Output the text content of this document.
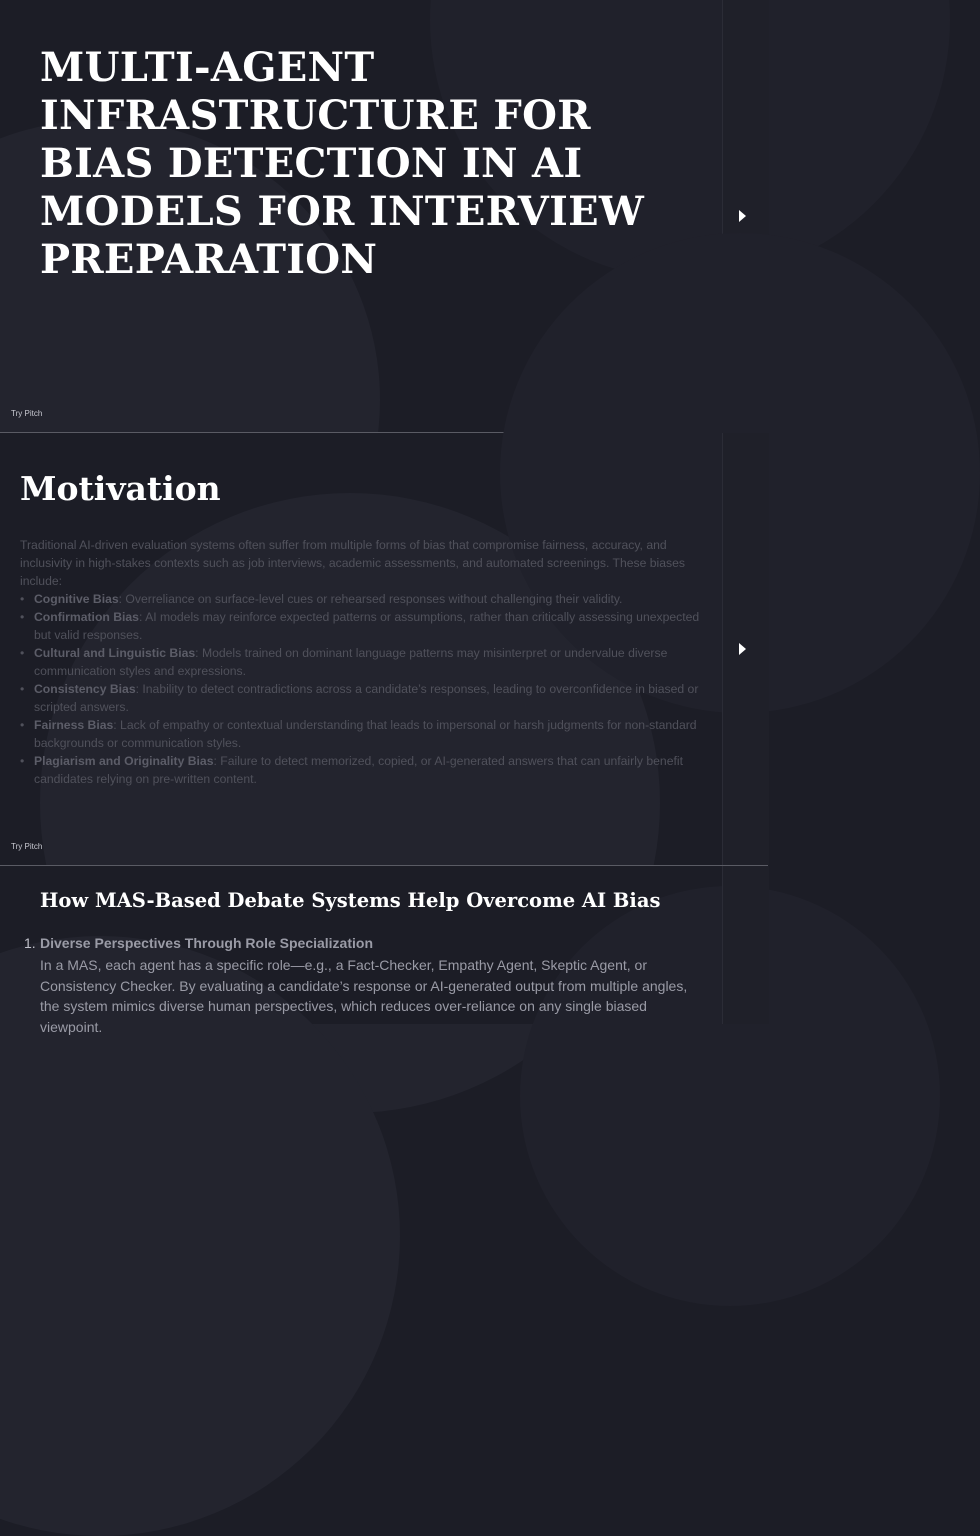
MULTI-AGENT INFRASTRUCTURE FOR BIAS DETECTION IN AI MODELS FOR INTERVIEW PREPARATION
Try Pitch
Motivation

Traditional AI-driven evaluation systems often suffer from multiple forms of bias that compromise fairness, accuracy, and inclusivity in high-stakes contexts such as job interviews, academic assessments, and automated screenings. These biases include:

• Cognitive Bias: Overreliance on surface-level cues or rehearsed responses without challenging their validity.
• Confirmation Bias: AI models may reinforce expected patterns or assumptions, rather than critically assessing unexpected but valid responses.
• Cultural and Linguistic Bias: Models trained on dominant language patterns may misinterpret or undervalue diverse communication styles and expressions.
• Consistency Bias: Inability to detect contradictions across a candidate’s responses, leading to overconfidence in biased or scripted answers.
• Fairness Bias: Lack of empathy or contextual understanding that leads to impersonal or harsh judgments for non-standard backgrounds or communication styles.
• Plagiarism and Originality Bias: Failure to detect memorized, copied, or AI-generated answers that can unfairly benefit candidates relying on pre-written content.
Try Pitch
How MAS-Based Debate Systems Help Overcome AI Bias
1. Diverse Perspectives Through Role Specialization

In a MAS, each agent has a specific role—e.g., a Fact-Checker, Empathy Agent, Skeptic Agent, or Consistency Checker. By evaluating a candidate’s response or AI-generated output from multiple angles, the system mimics diverse human perspectives, which reduces over-reliance on any single biased viewpoint.
